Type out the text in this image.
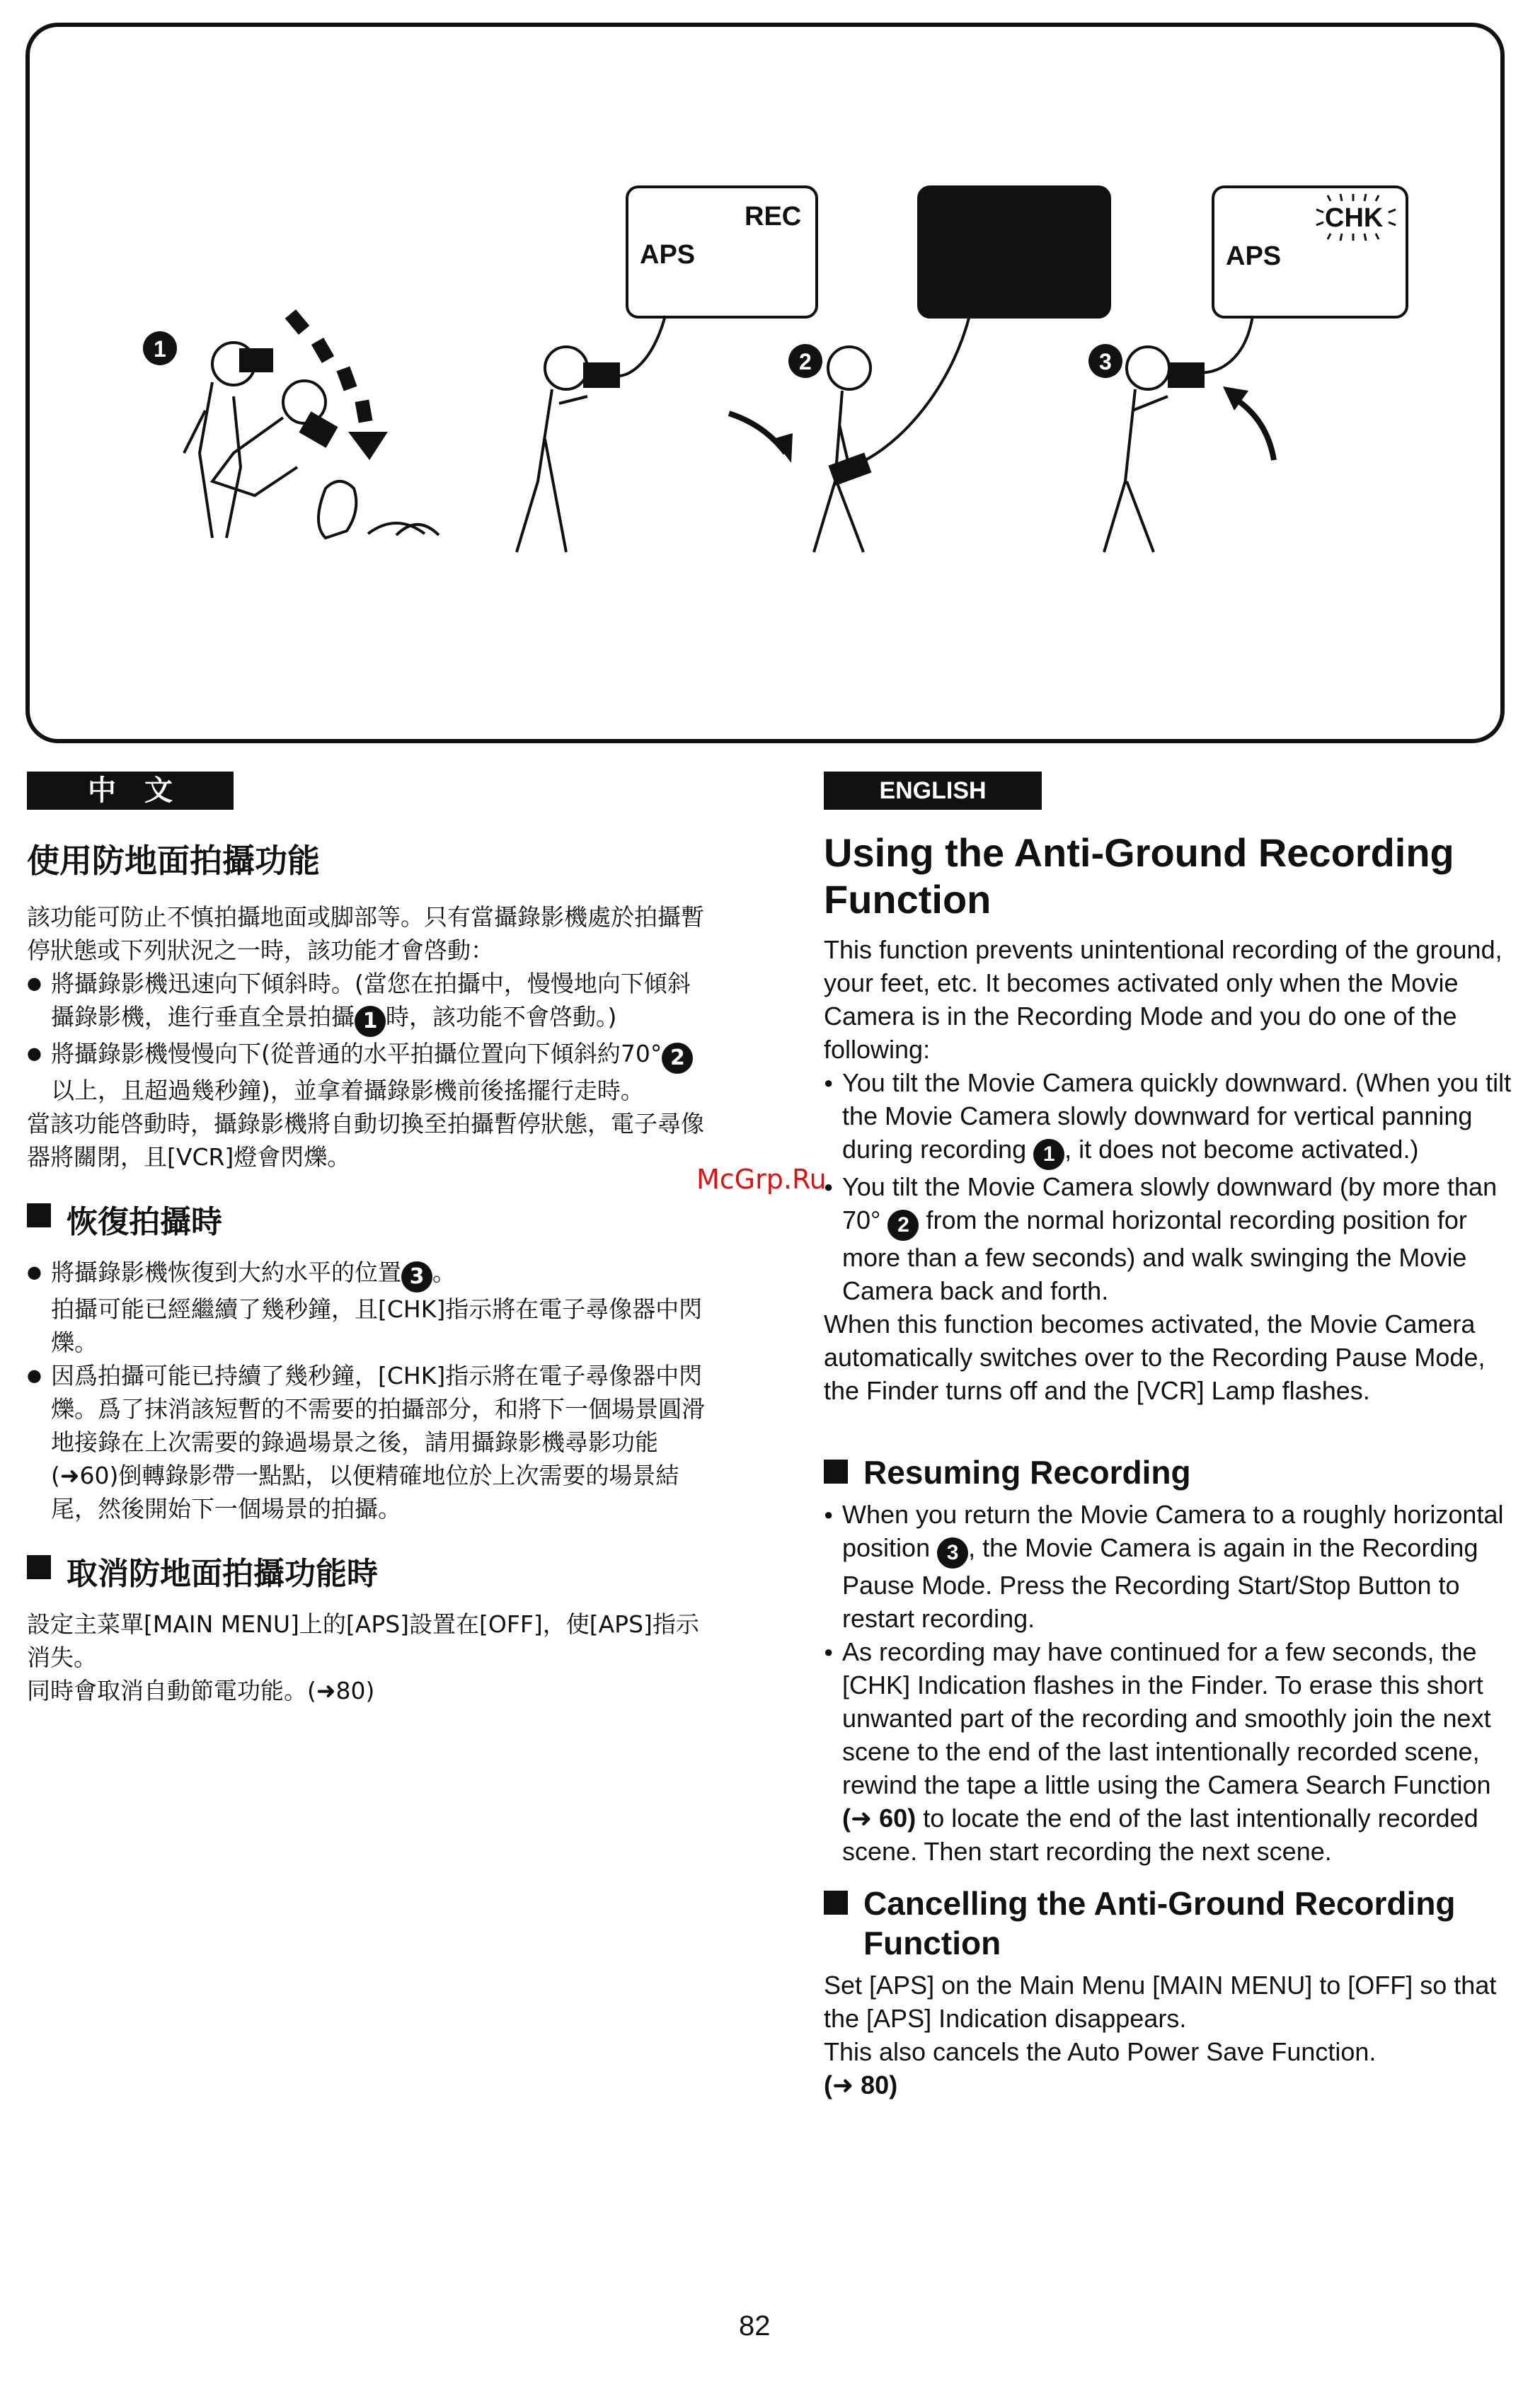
REC
APS
CHK
APS
1	2	3
中文
使用防地面拍攝功能

該功能可防止不慎拍攝地面或脚部等。只有當攝錄影機處於拍攝暫停狀態或下列狀況之一時，該功能才會啓動：

● 將攝錄影機迅速向下傾斜時。(當您在拍攝中，慢慢地向下傾斜攝錄影機，進行垂直全景拍攝 1 時，該功能不會啓動。)
● 將攝錄影機慢慢向下(從普通的水平拍攝位置向下傾斜約70° 2以上，且超過幾秒鐘)，並拿着攝錄影機前後搖擺行走時。

當該功能啓動時，攝錄影機將自動切換至拍攝暫停狀態，電子尋像器將關閉，且[VCR]燈會閃爍。

恢復拍攝時
● 將攝錄影機恢復到大約水平的位置 3 。

拍攝可能已經繼續了幾秒鐘，且[CHK]指示將在電子尋像器中閃爍。

● 因爲拍攝可能已持續了幾秒鐘，[CHK]指示將在電子尋像器中閃爍。爲了抹消該短暫的不需要的拍攝部分，和將下一個場景圓滑地接錄在上次需要的錄過場景之後，請用攝錄影機尋影功能(➜60)倒轉錄影帶一點點，以便精確地位於上次需要的場景結尾，然後開始下一個場景的拍攝。
取消防地面拍攝功能時

設定主菜單[MAIN MENU]上的[APS]設置在[OFF]，使[APS]指示消失。

同時會取消自動節電功能。(➜80)

McGrp.Ru
ENGLISH
Using the Anti-Ground Recording Function

This function prevents unintentional recording of the ground, your feet, etc. It becomes activated only when the Movie Camera is in the Recording Mode and you do one of the following:

● You tilt the Movie Camera quickly downward. (When you tilt the Movie Camera slowly downward for vertical panning during recording 1 , it does not become activated.)
● You tilt the Movie Camera slowly downward (by more than 70° 2 from the normal horizontal recording position for more than a few seconds) and walk swinging the Movie Camera back and forth.

When this function becomes activated, the Movie Camera automatically switches over to the Recording Pause Mode, the Finder turns off and the [VCR] Lamp flashes.

Resuming Recording
● When you return the Movie Camera to a roughly horizontal position 3 , the Movie Camera is again in the Recording Pause Mode. Press the Recording Start/Stop Button to restart recording.
● As recording may have continued for a few seconds, the [CHK] Indication flashes in the Finder. To erase this short unwanted part of the recording and smoothly join the next scene to the end of the last intentionally recorded scene, rewind the tape a little using the Camera Search Function (➜ 60) to locate the end of the last intentionally recorded scene. Then start recording the next scene.
Cancelling the Anti-Ground Recording Function

Set [APS] on the Main Menu [MAIN MENU] to [OFF] so that the [APS] Indication disappears.

This also cancels the Auto Power Save Function.

(➜ 80)

82
